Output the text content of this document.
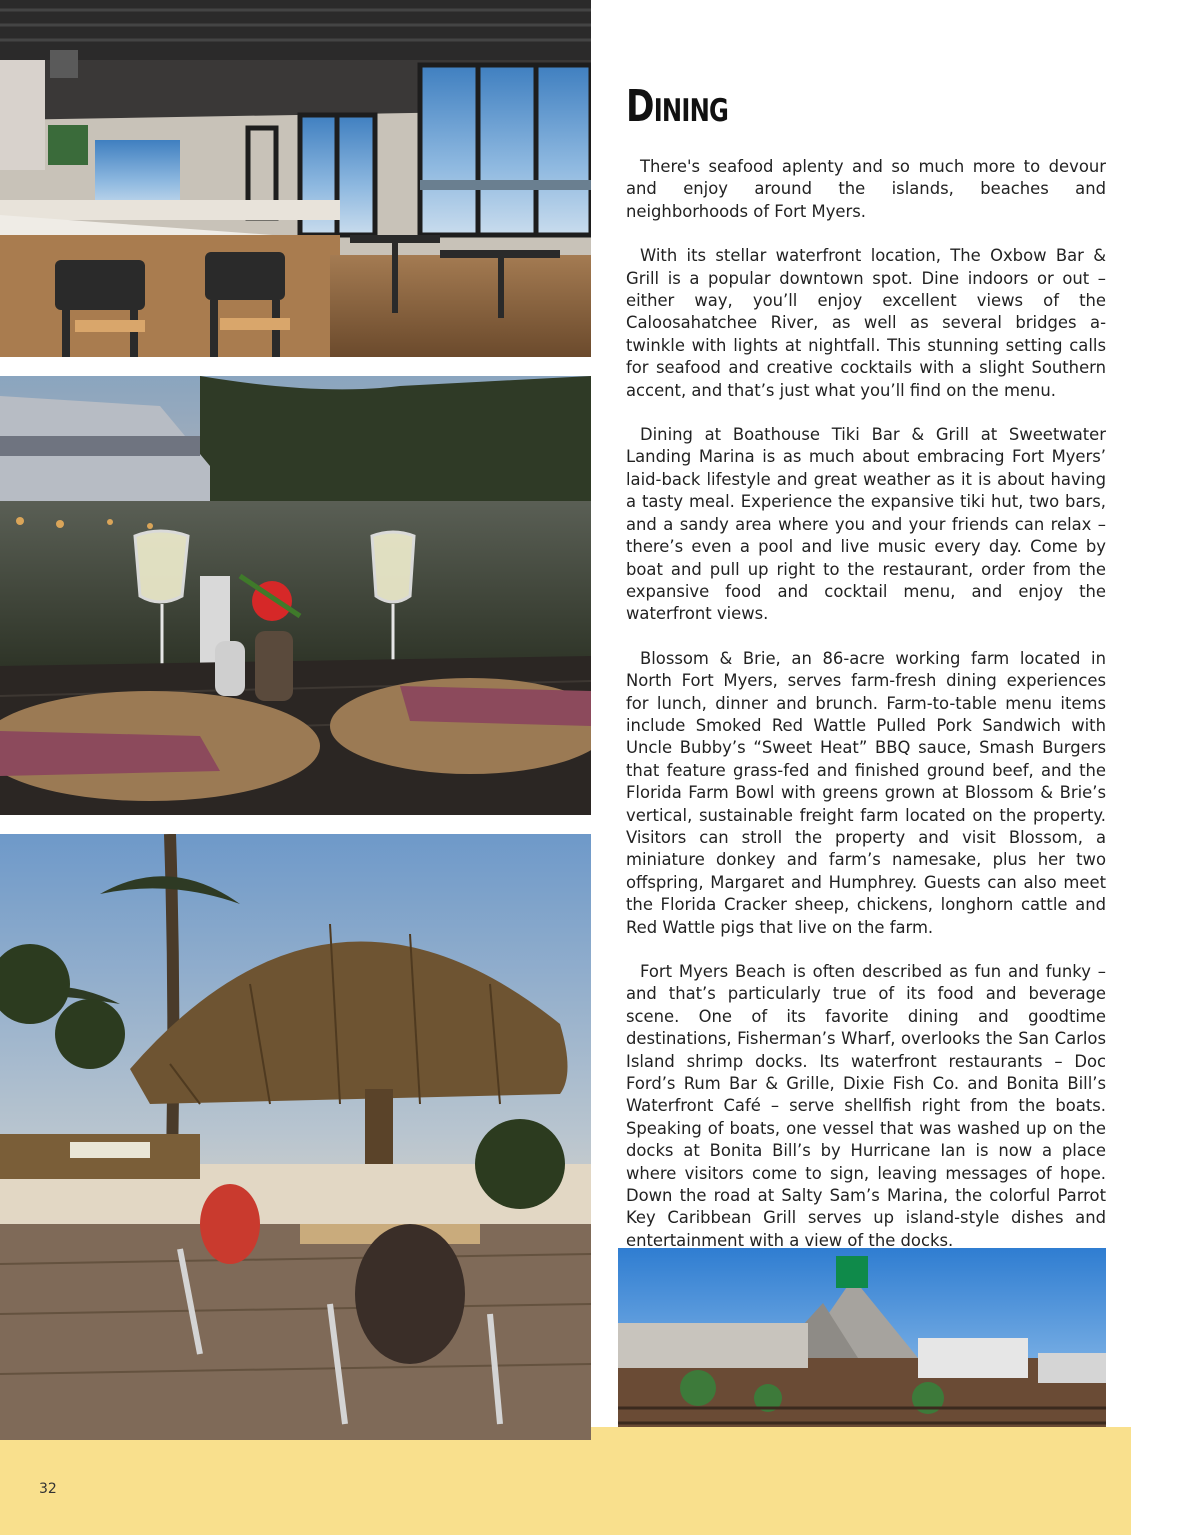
DINING

There's seafood aplenty and so much more to devour and enjoy around the islands, beaches and neighborhoods of Fort Myers.

With its stellar waterfront location, The Oxbow Bar & Grill is a popular downtown spot. Dine indoors or out – either way, you’ll enjoy excellent views of the Caloosahatchee River, as well as several bridges a-twinkle with lights at nightfall. This stunning setting calls for seafood and creative cocktails with a slight Southern accent, and that’s just what you’ll find on the menu.

Dining at Boathouse Tiki Bar & Grill at Sweetwater Landing Marina is as much about embracing Fort Myers’ laid-back lifestyle and great weather as it is about having a tasty meal. Experience the expansive tiki hut, two bars, and a sandy area where you and your friends can relax – there’s even a pool and live music every day. Come by boat and pull up right to the restaurant, order from the expansive food and cocktail menu, and enjoy the waterfront views.

Blossom & Brie, an 86-acre working farm located in North Fort Myers, serves farm-fresh dining experiences for lunch, dinner and brunch. Farm-to-table menu items include Smoked Red Wattle Pulled Pork Sandwich with Uncle Bubby’s “Sweet Heat” BBQ sauce, Smash Burgers that feature grass-fed and finished ground beef, and the Florida Farm Bowl with greens grown at Blossom & Brie’s vertical, sustainable freight farm located on the property. Visitors can stroll the property and visit Blossom, a miniature donkey and farm’s namesake, plus her two offspring, Margaret and Humphrey. Guests can also meet the Florida Cracker sheep, chickens, longhorn cattle and Red Wattle pigs that live on the farm.

Fort Myers Beach is often described as fun and funky – and that’s particularly true of its food and beverage scene. One of its favorite dining and goodtime destinations, Fisherman’s Wharf, overlooks the San Carlos Island shrimp docks. Its waterfront restaurants – Doc Ford’s Rum Bar & Grille, Dixie Fish Co. and Bonita Bill’s Waterfront Café – serve shellfish right from the boats. Speaking of boats, one vessel that was washed up on the docks at Bonita Bill’s by Hurricane Ian is now a place where visitors come to sign, leaving messages of hope. Down the road at Salty Sam’s Marina, the colorful Parrot Key Caribbean Grill serves up island-style dishes and entertainment with a view of the docks.

32
